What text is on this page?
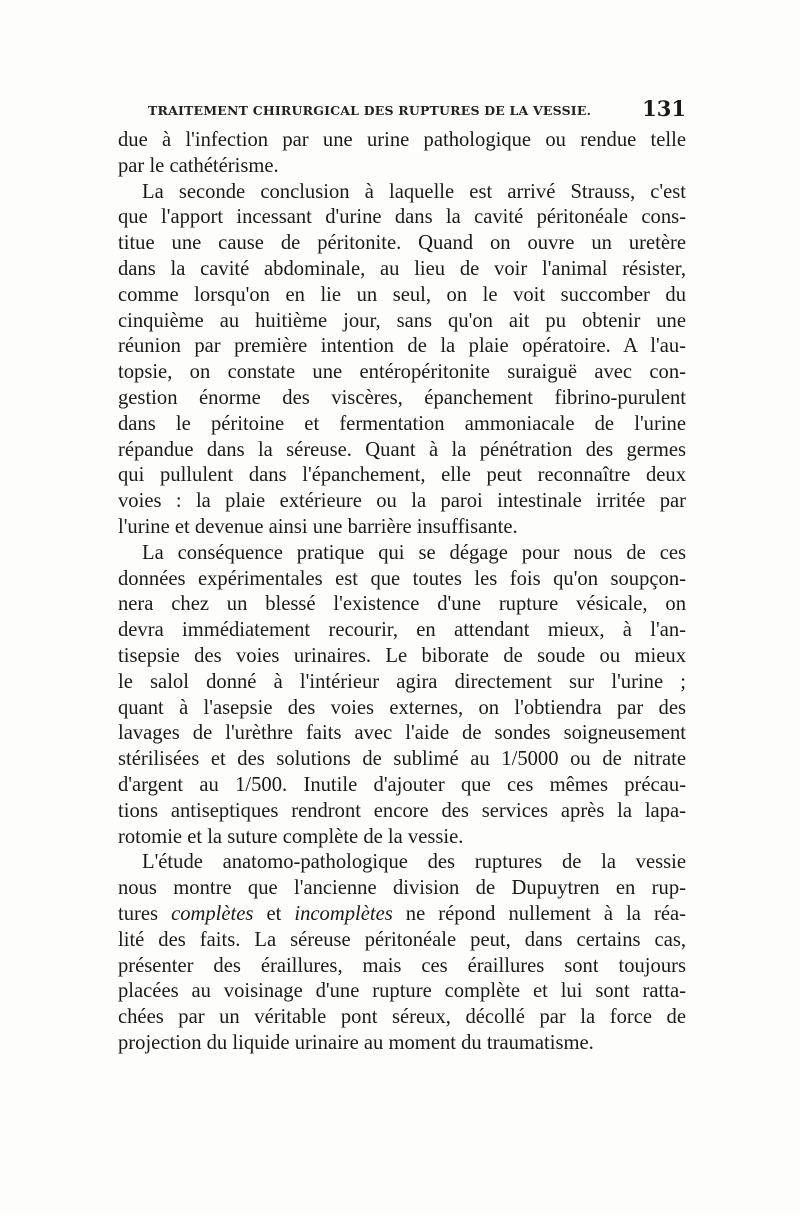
TRAITEMENT CHIRURGICAL DES RUPTURES DE LA VESSIE. 131
due à l'infection par une urine pathologique ou rendue telle
par le cathétérisme.
La seconde conclusion à laquelle est arrivé Strauss, c'est
que l'apport incessant d'urine dans la cavité péritonéale cons-
titue une cause de péritonite. Quand on ouvre un uretère
dans la cavité abdominale, au lieu de voir l'animal résister,
comme lorsqu'on en lie un seul, on le voit succomber du
cinquième au huitième jour, sans qu'on ait pu obtenir une
réunion par première intention de la plaie opératoire. A l'au-
topsie, on constate une entéropéritonite suraiguë avec con-
gestion énorme des viscères, épanchement fibrino-purulent
dans le péritoine et fermentation ammoniacale de l'urine
répandue dans la séreuse. Quant à la pénétration des germes
qui pullulent dans l'épanchement, elle peut reconnaître deux
voies : la plaie extérieure ou la paroi intestinale irritée par
l'urine et devenue ainsi une barrière insuffisante.
La conséquence pratique qui se dégage pour nous de ces
données expérimentales est que toutes les fois qu'on soupçon-
nera chez un blessé l'existence d'une rupture vésicale, on
devra immédiatement recourir, en attendant mieux, à l'an-
tisepsie des voies urinaires. Le biborate de soude ou mieux
le salol donné à l'intérieur agira directement sur l'urine ;
quant à l'asepsie des voies externes, on l'obtiendra par des
lavages de l'urèthre faits avec l'aide de sondes soigneusement
stérilisées et des solutions de sublimé au 1/5000 ou de nitrate
d'argent au 1/500. Inutile d'ajouter que ces mêmes précau-
tions antiseptiques rendront encore des services après la lapa-
rotomie et la suture complète de la vessie.
L'étude anatomo-pathologique des ruptures de la vessie
nous montre que l'ancienne division de Dupuytren en rup-
tures complètes et incomplètes ne répond nullement à la réa-
lité des faits. La séreuse péritonéale peut, dans certains cas,
présenter des éraillures, mais ces éraillures sont toujours
placées au voisinage d'une rupture complète et lui sont ratta-
chées par un véritable pont séreux, décollé par la force de
projection du liquide urinaire au moment du traumatisme.
